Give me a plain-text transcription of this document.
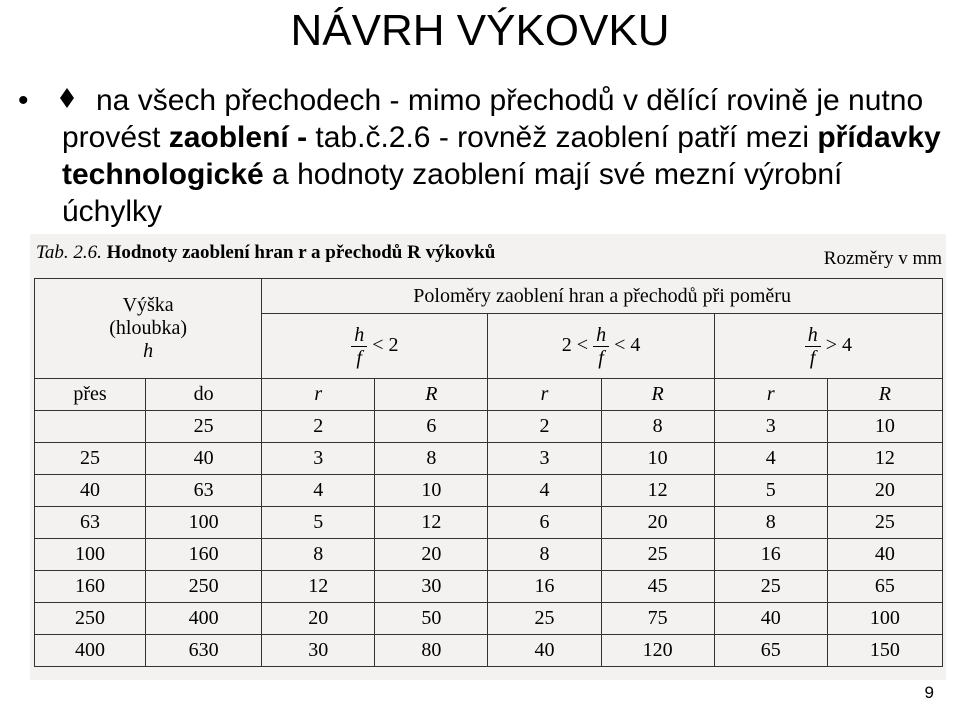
NÁVRH VÝKOVKU
•	na všech přechodech - mimo přechodů v dělící rovině je nutno provést zaoblení - tab.č.2.6 - rovněž zaoblení patří mezi přídavky technologické a hodnoty zaoblení mají své mezní výrobní úchylky
Tab. 2.6. Hodnoty zaoblení hran r a přechodů R výkovků	Rozměry v mm
Výška
(hloubka)
h		Poloměry zaoblení hran a přechodů při poměru					

		$\frac{h}{f} < 2$		$2 < \frac{h}{f} < 4$		$\frac{h}{f} > 4$	
přes	do	r	R	r	R	r	R
	25	2	6	2	8	3	10
25	40	3	8	3	10	4	12
40	63	4	10	4	12	5	20
63	100	5	12	6	20	8	25
100	160	8	20	8	25	16	40
160	250	12	30	16	45	25	65
250	400	20	50	25	75	40	100
400	630	30	80	40	120	65	150
9
